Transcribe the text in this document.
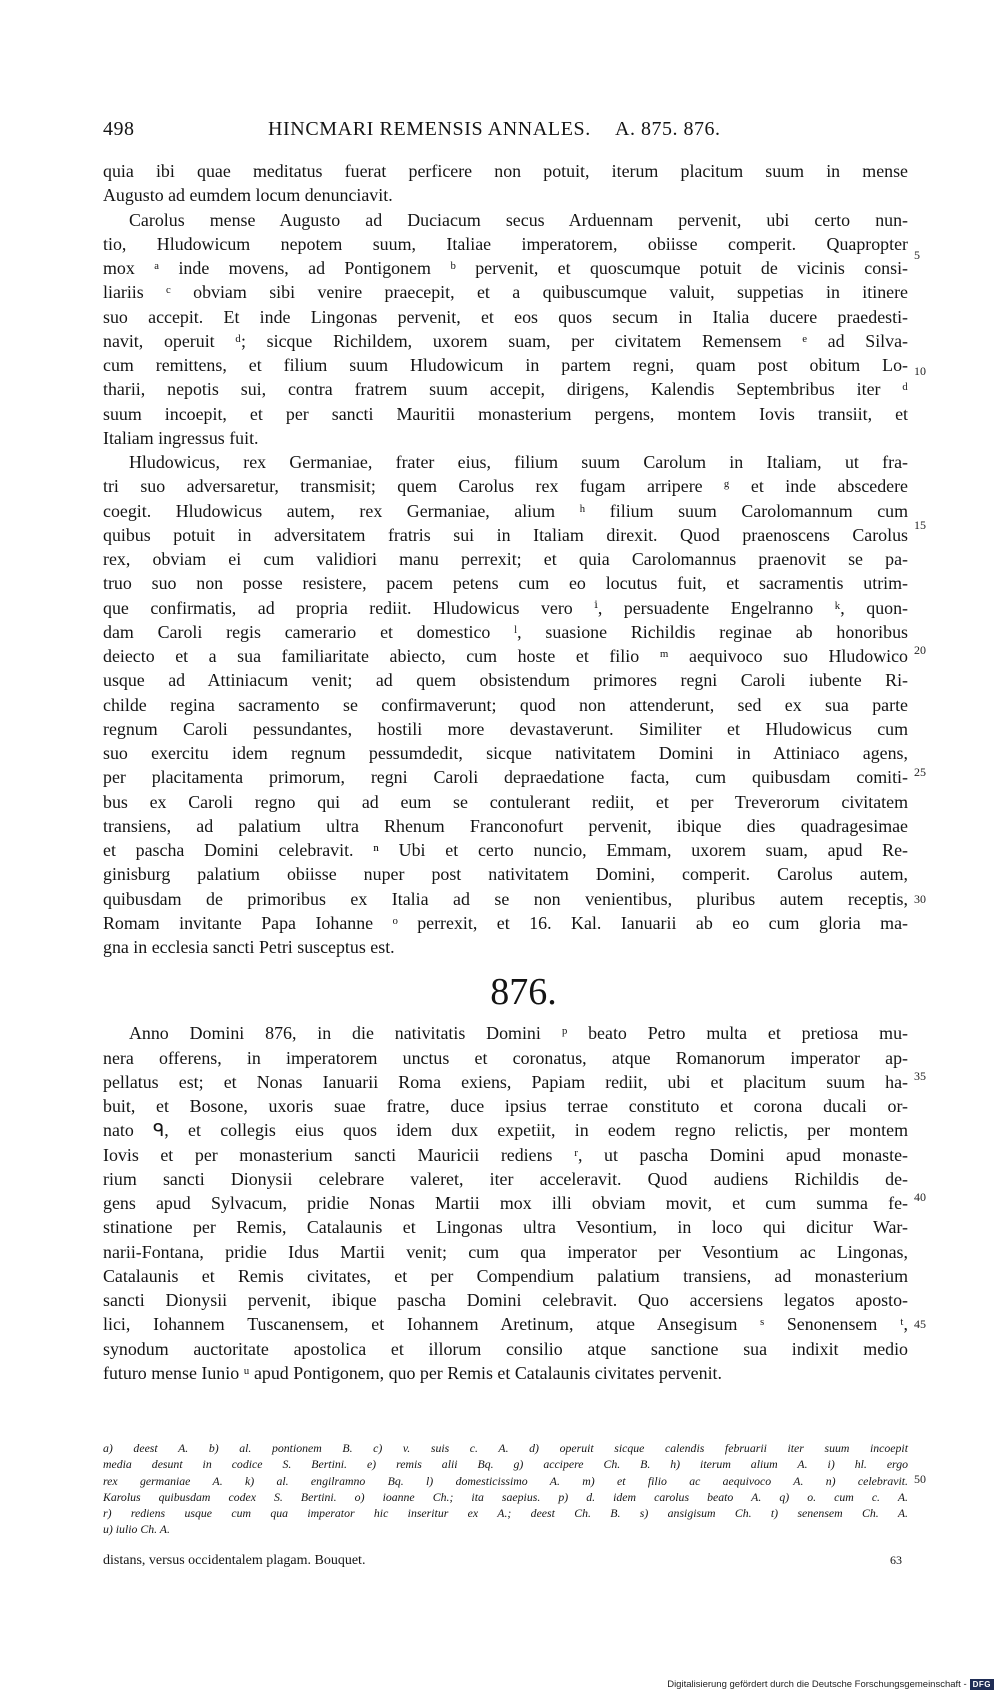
498	HINCMARI REMENSIS ANNALES. A. 875. 876.
quia ibi quae meditatus fuerat perficere non potuit, iterum placitum suum in mense
Augusto ad eumdem locum denunciavit.
Carolus mense Augusto ad Duciacum secus Arduennam pervenit, ubi certo nun-
tio, Hludowicum nepotem suum, Italiae imperatorem, obiisse comperit. Quapropter
mox ᵃ inde movens, ad Pontigonem ᵇ pervenit, et quoscumque potuit de vicinis consi-
liariis ᶜ obviam sibi venire praecepit, et a quibuscumque valuit, suppetias in itinere
suo accepit. Et inde Lingonas pervenit, et eos quos secum in Italia ducere praedesti-
navit, operuit ᵈ; sicque Richildem, uxorem suam, per civitatem Remensem ᵉ ad Silva-
cum remittens, et filium suum Hludowicum in partem regni, quam post obitum Lo-
tharii, nepotis sui, contra fratrem suum accepit, dirigens, Kalendis Septembribus iter ᵈ
suum incoepit, et per sancti Mauritii monasterium pergens, montem Iovis transiit, et
Italiam ingressus fuit.
Hludowicus, rex Germaniae, frater eius, filium suum Carolum in Italiam, ut fra-
tri suo adversaretur, transmisit; quem Carolus rex fugam arripere ᵍ et inde abscedere
coegit. Hludowicus autem, rex Germaniae, alium ʰ filium suum Carolomannum cum
quibus potuit in adversitatem fratris sui in Italiam direxit. Quod praenoscens Carolus
rex, obviam ei cum validiori manu perrexit; et quia Carolomannus praenovit se pa-
truo suo non posse resistere, pacem petens cum eo locutus fuit, et sacramentis utrim-
que confirmatis, ad propria rediit. Hludowicus vero ⁱ, persuadente Engelranno ᵏ, quon-
dam Caroli regis camerario et domestico ˡ, suasione Richildis reginae ab honoribus
deiecto et a sua familiaritate abiecto, cum hoste et filio ᵐ aequivoco suo Hludowico
usque ad Attiniacum venit; ad quem obsistendum primores regni Caroli iubente Ri-
childe regina sacramento se confirmaverunt; quod non attenderunt, sed ex sua parte
regnum Caroli pessundantes, hostili more devastaverunt. Similiter et Hludowicus cum
suo exercitu idem regnum pessumdedit, sicque nativitatem Domini in Attiniaco agens,
per placitamenta primorum, regni Caroli depraedatione facta, cum quibusdam comiti-
bus ex Caroli regno qui ad eum se contulerant rediit, et per Treverorum civitatem
transiens, ad palatium ultra Rhenum Franconofurt pervenit, ibique dies quadragesimae
et pascha Domini celebravit. ⁿ Ubi et certo nuncio, Emmam, uxorem suam, apud Re-
ginisburg palatium obiisse nuper post nativitatem Domini, comperit. Carolus autem,
quibusdam de primoribus ex Italia ad se non venientibus, pluribus autem receptis,
Romam invitante Papa Iohanne ᵒ perrexit, et 16. Kal. Ianuarii ab eo cum gloria ma-
gna in ecclesia sancti Petri susceptus est.
876.
Anno Domini 876, in die nativitatis Domini ᵖ beato Petro multa et pretiosa mu-
nera offerens, in imperatorem unctus et coronatus, atque Romanorum imperator ap-
pellatus est; et Nonas Ianuarii Roma exiens, Papiam rediit, ubi et placitum suum ha-
buit, et Bosone, uxoris suae fratre, duce ipsius terrae constituto et corona ducali or-
nato ᑫ, et collegis eius quos idem dux expetiit, in eodem regno relictis, per montem
Iovis et per monasterium sancti Mauricii rediens ʳ, ut pascha Domini apud monaste-
rium sancti Dionysii celebrare valeret, iter acceleravit. Quod audiens Richildis de-
gens apud Sylvacum, pridie Nonas Martii mox illi obviam movit, et cum summa fe-
stinatione per Remis, Catalaunis et Lingonas ultra Vesontium, in loco qui dicitur War-
narii-Fontana, pridie Idus Martii venit; cum qua imperator per Vesontium ac Lingonas,
Catalaunis et Remis civitates, et per Compendium palatium transiens, ad monasterium
sancti Dionysii pervenit, ibique pascha Domini celebravit. Quo accersiens legatos aposto-
lici, Iohannem Tuscanensem, et Iohannem Aretinum, atque Ansegisum ˢ Senonensem ᵗ,
synodum auctoritate apostolica et illorum consilio atque sanctione sua indixit medio
futuro mense Iunio ᵘ apud Pontigonem, quo per Remis et Catalaunis civitates pervenit.
5
10
15
20
25
30
35
40
45
50
a) deest A. b) al. pontionem B. c) v. suis c. A. d) operuit sicque calendis februarii iter suum incoepit
media desunt in codice S. Bertini. e) remis alii Bq. g) accipere Ch. B. h) iterum alium A. i) hl. ergo
rex germaniae A. k) al. engilramno Bq. l) domesticissimo A. m) et filio ac aequivoco A. n) celebravit.
Karolus quibusdam codex S. Bertini. o) ioanne Ch.; ita saepius. p) d. idem carolus beato A. q) o. cum c. A.
r) rediens usque cum qua imperator hic inseritur ex A.; deest Ch. B. s) ansigisum Ch. t) senensem Ch. A.
u) iulio Ch. A.
distans, versus occidentalem plagam. Bouquet.	63
Digitalisierung gefördert durch die Deutsche Forschungsgemeinschaft - DFG
